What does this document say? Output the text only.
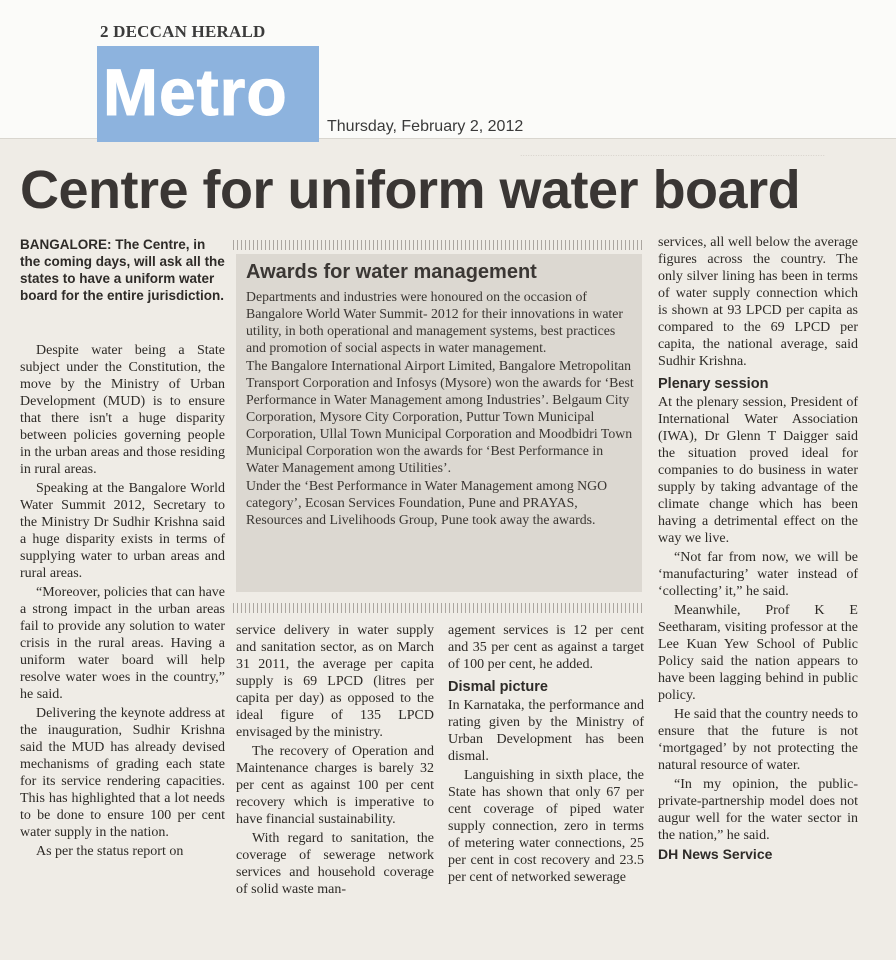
2 DECCAN HERALD
Metro Thursday, February 2, 2012
Centre for uniform water board
BANGALORE: The Centre, in the coming days, will ask all the states to have a uniform water board for the entire jurisdiction.

Despite water being a State subject under the Constitution, the move by the Ministry of Urban Development (MUD) is to ensure that there isn't a huge disparity between policies governing people in the urban areas and those residing in rural areas.

Speaking at the Bangalore World Water Summit 2012, Secretary to the Ministry Dr Sudhir Krishna said a huge disparity exists in terms of supplying water to urban areas and rural areas.

“Moreover, policies that can have a strong impact in the urban areas fail to provide any solution to water crisis in the rural areas. Having a uniform water board will help resolve water woes in the country,” he said.

Delivering the keynote address at the inauguration, Sudhir Krishna said the MUD has already devised mechanisms of grading each state for its service rendering capacities. This has highlighted that a lot needs to be done to ensure 100 per cent water supply in the nation.

As per the status report on

Awards for water management

Departments and industries were honoured on the occasion of Bangalore World Water Summit- 2012 for their innovations in water utility, in both operational and management systems, best practices and promotion of social aspects in water management.

The Bangalore International Airport Limited, Bangalore Metropolitan Transport Corporation and Infosys (Mysore) won the awards for ‘Best Performance in Water Management among Industries’. Belgaum City Corporation, Mysore City Corporation, Puttur Town Municipal Corporation, Ullal Town Municipal Corporation and Moodbidri Town Municipal Corporation won the awards for ‘Best Performance in Water Management among Utilities’.

Under the ‘Best Performance in Water Management among NGO category’, Ecosan Services Foundation, Pune and PRAYAS, Resources and Livelihoods Group, Pune took away the awards.

service delivery in water supply and sanitation sector, as on March 31 2011, the average per capita supply is 69 LPCD (litres per capita per day) as opposed to the ideal figure of 135 LPCD envisaged by the ministry.

The recovery of Operation and Maintenance charges is barely 32 per cent as against 100 per cent recovery which is imperative to have financial sustainability.

With regard to sanitation, the coverage of sewerage network services and household coverage of solid waste man-

agement services is 12 per cent and 35 per cent as against a target of 100 per cent, he added.

Dismal picture

In Karnataka, the performance and rating given by the Ministry of Urban Development has been dismal.

Languishing in sixth place, the State has shown that only 67 per cent coverage of piped water supply connection, zero in terms of metering water connections, 25 per cent in cost recovery and 23.5 per cent of networked sewerage

services, all well below the average figures across the country. The only silver lining has been in terms of water supply connection which is shown at 93 LPCD per capita as compared to the 69 LPCD per capita, the national average, said Sudhir Krishna.

Plenary session

At the plenary session, President of International Water Association (IWA), Dr Glenn T Daigger said the situation proved ideal for companies to do business in water supply by taking advantage of the climate change which has been having a detrimental effect on the way we live.

“Not far from now, we will be ‘manufacturing’ water instead of ‘collecting’ it,” he said.

Meanwhile, Prof K E Seetharam, visiting professor at the Lee Kuan Yew School of Public Policy said the nation appears to have been lagging behind in public policy.

He said that the country needs to ensure that the future is not ‘mortgaged’ by not protecting the natural resource of water.

“In my opinion, the public-private-partnership model does not augur well for the water sector in the nation,” he said.

DH News Service
..........................................................................................................................
